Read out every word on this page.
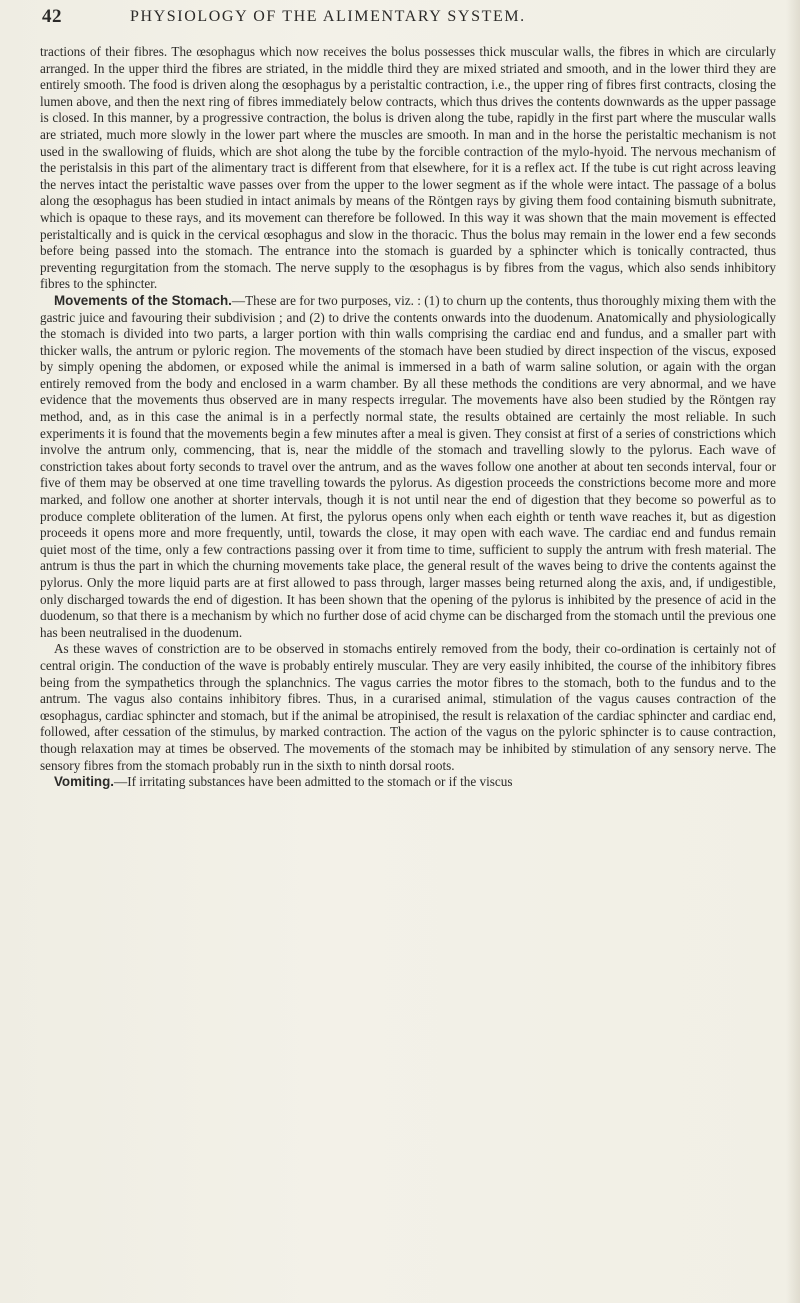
42	PHYSIOLOGY OF THE ALIMENTARY SYSTEM.

tractions of their fibres. The œsophagus which now receives the bolus possesses thick muscular walls, the fibres in which are circularly arranged. In the upper third the fibres are striated, in the middle third they are mixed striated and smooth, and in the lower third they are entirely smooth. The food is driven along the œsophagus by a peristaltic contraction, i.e., the upper ring of fibres first contracts, closing the lumen above, and then the next ring of fibres immediately below contracts, which thus drives the contents downwards as the upper passage is closed. In this manner, by a progressive contraction, the bolus is driven along the tube, rapidly in the first part where the muscular walls are striated, much more slowly in the lower part where the muscles are smooth. In man and in the horse the peristaltic mechanism is not used in the swallowing of fluids, which are shot along the tube by the forcible contraction of the mylo-hyoid. The nervous mechanism of the peristalsis in this part of the alimentary tract is different from that elsewhere, for it is a reflex act. If the tube is cut right across leaving the nerves intact the peristaltic wave passes over from the upper to the lower segment as if the whole were intact. The passage of a bolus along the œsophagus has been studied in intact animals by means of the Röntgen rays by giving them food containing bismuth subnitrate, which is opaque to these rays, and its movement can therefore be followed. In this way it was shown that the main movement is effected peristaltically and is quick in the cervical œsophagus and slow in the thoracic. Thus the bolus may remain in the lower end a few seconds before being passed into the stomach. The entrance into the stomach is guarded by a sphincter which is tonically contracted, thus preventing regurgitation from the stomach. The nerve supply to the œsophagus is by fibres from the vagus, which also sends inhibitory fibres to the sphincter.

Movements of the Stomach.—These are for two purposes, viz. : (1) to churn up the contents, thus thoroughly mixing them with the gastric juice and favouring their subdivision ; and (2) to drive the contents onwards into the duodenum. Anatomically and physiologically the stomach is divided into two parts, a larger portion with thin walls comprising the cardiac end and fundus, and a smaller part with thicker walls, the antrum or pyloric region. The movements of the stomach have been studied by direct inspection of the viscus, exposed by simply opening the abdomen, or exposed while the animal is immersed in a bath of warm saline solution, or again with the organ entirely removed from the body and enclosed in a warm chamber. By all these methods the conditions are very abnormal, and we have evidence that the movements thus observed are in many respects irregular. The movements have also been studied by the Röntgen ray method, and, as in this case the animal is in a perfectly normal state, the results obtained are certainly the most reliable. In such experiments it is found that the movements begin a few minutes after a meal is given. They consist at first of a series of constrictions which involve the antrum only, commencing, that is, near the middle of the stomach and travelling slowly to the pylorus. Each wave of constriction takes about forty seconds to travel over the antrum, and as the waves follow one another at about ten seconds interval, four or five of them may be observed at one time travelling towards the pylorus. As digestion proceeds the constrictions become more and more marked, and follow one another at shorter intervals, though it is not until near the end of digestion that they become so powerful as to produce complete obliteration of the lumen. At first, the pylorus opens only when each eighth or tenth wave reaches it, but as digestion proceeds it opens more and more frequently, until, towards the close, it may open with each wave. The cardiac end and fundus remain quiet most of the time, only a few contractions passing over it from time to time, sufficient to supply the antrum with fresh material. The antrum is thus the part in which the churning movements take place, the general result of the waves being to drive the contents against the pylorus. Only the more liquid parts are at first allowed to pass through, larger masses being returned along the axis, and, if undigestible, only discharged towards the end of digestion. It has been shown that the opening of the pylorus is inhibited by the presence of acid in the duodenum, so that there is a mechanism by which no further dose of acid chyme can be discharged from the stomach until the previous one has been neutralised in the duodenum.

As these waves of constriction are to be observed in stomachs entirely removed from the body, their co-ordination is certainly not of central origin. The conduction of the wave is probably entirely muscular. They are very easily inhibited, the course of the inhibitory fibres being from the sympathetics through the splanchnics. The vagus carries the motor fibres to the stomach, both to the fundus and to the antrum. The vagus also contains inhibitory fibres. Thus, in a curarised animal, stimulation of the vagus causes contraction of the œsophagus, cardiac sphincter and stomach, but if the animal be atropinised, the result is relaxation of the cardiac sphincter and cardiac end, followed, after cessation of the stimulus, by marked contraction. The action of the vagus on the pyloric sphincter is to cause contraction, though relaxation may at times be observed. The movements of the stomach may be inhibited by stimulation of any sensory nerve. The sensory fibres from the stomach probably run in the sixth to ninth dorsal roots.

Vomiting.—If irritating substances have been admitted to the stomach or if the viscus
